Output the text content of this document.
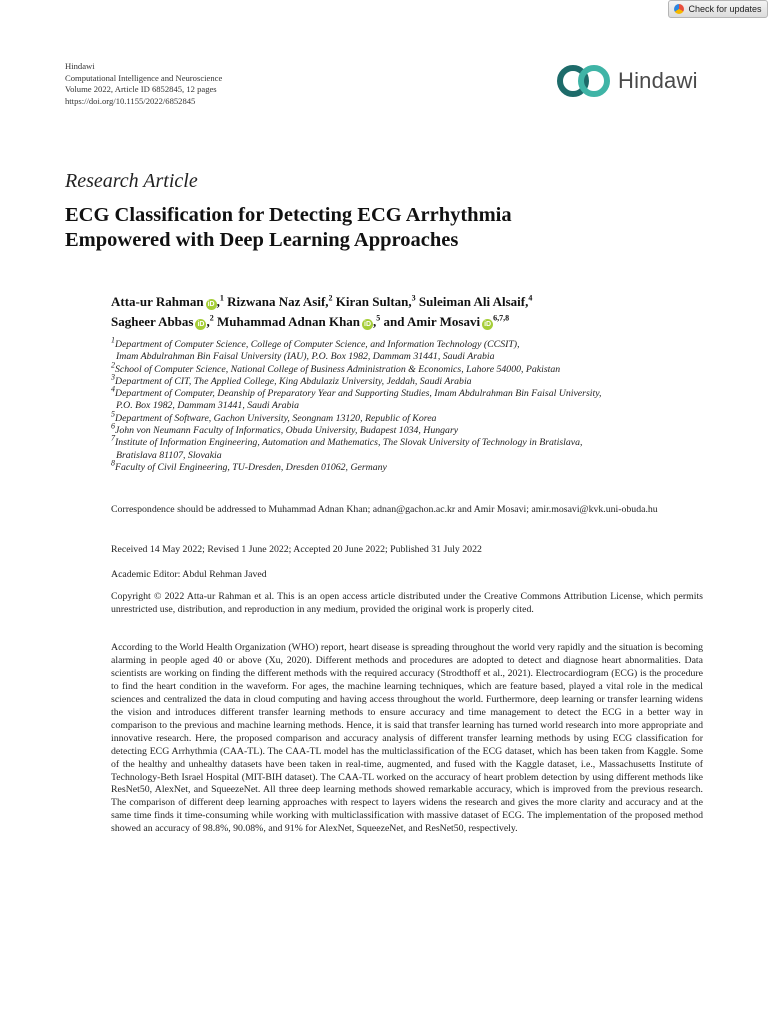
Check for updates
Hindawi
Computational Intelligence and Neuroscience
Volume 2022, Article ID 6852845, 12 pages
https://doi.org/10.1155/2022/6852845
Hindawi
Research Article
ECG Classification for Detecting ECG Arrhythmia
Empowered with Deep Learning Approaches
Atta-ur Rahman iD ,$^1$ Rizwana Naz Asif,$^2$ Kiran Sultan,$^3$ Suleiman Ali Alsaif,$^4$
Sagheer Abbas iD ,$^2$ Muhammad Adnan Khan iD ,$^5$ and Amir Mosavi iD$^{6,7,8}$
$^1$Department of Computer Science, College of Computer Science, and Information Technology (CCSIT),
Imam Abdulrahman Bin Faisal University (IAU), P.O. Box 1982, Dammam 31441, Saudi Arabia
$^2$School of Computer Science, National College of Business Administration & Economics, Lahore 54000, Pakistan
$^3$Department of CIT, The Applied College, King Abdulaziz University, Jeddah, Saudi Arabia
$^4$Department of Computer, Deanship of Preparatory Year and Supporting Studies, Imam Abdulrahman Bin Faisal University,
P.O. Box 1982, Dammam 31441, Saudi Arabia
$^5$Department of Software, Gachon University, Seongnam 13120, Republic of Korea
$^6$John von Neumann Faculty of Informatics, Obuda University, Budapest 1034, Hungary
$^7$Institute of Information Engineering, Automation and Mathematics, The Slovak University of Technology in Bratislava,
Bratislava 81107, Slovakia
$^8$Faculty of Civil Engineering, TU-Dresden, Dresden 01062, Germany
Correspondence should be addressed to Muhammad Adnan Khan; adnan@gachon.ac.kr and Amir Mosavi; amir.mosavi@kvk.uni-obuda.hu
Received 14 May 2022; Revised 1 June 2022; Accepted 20 June 2022; Published 31 July 2022
Academic Editor: Abdul Rehman Javed
Copyright © 2022 Atta-ur Rahman et al. This is an open access article distributed under the Creative Commons Attribution License, which permits unrestricted use, distribution, and reproduction in any medium, provided the original work is properly cited.
According to the World Health Organization (WHO) report, heart disease is spreading throughout the world very rapidly and the situation is becoming alarming in people aged 40 or above (Xu, 2020). Different methods and procedures are adopted to detect and diagnose heart abnormalities. Data scientists are working on finding the different methods with the required accuracy (Strodthoff et al., 2021). Electrocardiogram (ECG) is the procedure to find the heart condition in the waveform. For ages, the machine learning techniques, which are feature based, played a vital role in the medical sciences and centralized the data in cloud computing and having access throughout the world. Furthermore, deep learning or transfer learning widens the vision and introduces different transfer learning methods to ensure accuracy and time management to detect the ECG in a better way in comparison to the previous and machine learning methods. Hence, it is said that transfer learning has turned world research into more appropriate and innovative research. Here, the proposed comparison and accuracy analysis of different transfer learning methods by using ECG classification for detecting ECG Arrhythmia (CAA-TL). The CAA-TL model has the multiclassification of the ECG dataset, which has been taken from Kaggle. Some of the healthy and unhealthy datasets have been taken in real-time, augmented, and fused with the Kaggle dataset, i.e., Massachusetts Institute of Technology-Beth Israel Hospital (MIT-BIH dataset). The CAA-TL worked on the accuracy of heart problem detection by using different methods like ResNet50, AlexNet, and SqueezeNet. All three deep learning methods showed remarkable accuracy, which is improved from the previous research. The comparison of different deep learning approaches with respect to layers widens the research and gives the more clarity and accuracy and at the same time finds it time-consuming while working with multiclassification with massive dataset of ECG. The implementation of the proposed method showed an accuracy of 98.8%, 90.08%, and 91% for AlexNet, SqueezeNet, and ResNet50, respectively.
